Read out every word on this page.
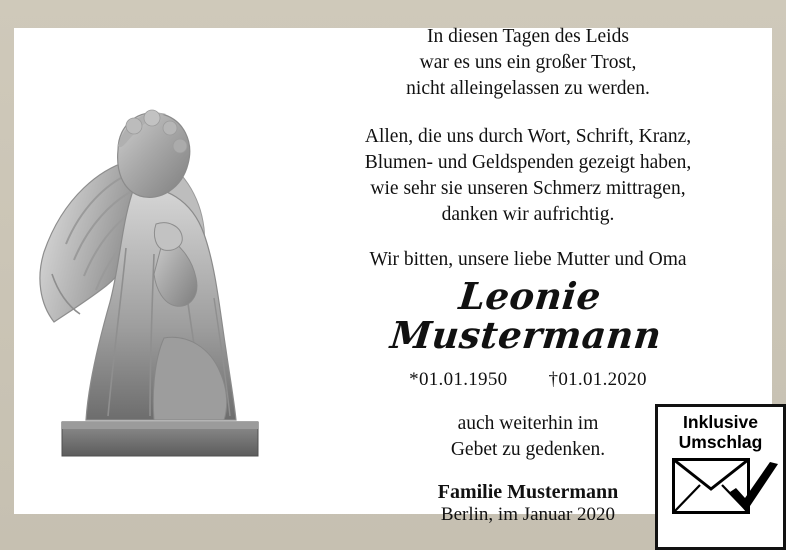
In diesen Tagen des Leids
war es uns ein großer Trost,
nicht alleingelassen zu werden.
Allen, die uns durch Wort, Schrift, Kranz,
Blumen- und Geldspenden gezeigt haben,
wie sehr sie unseren Schmerz mittragen,
danken wir aufrichtig.
Wir bitten, unsere liebe Mutter und Oma
Leonie Mustermann
*01.01.1950 †01.01.2020
auch weiterhin im
Gebet zu gedenken.
Familie Mustermann
Berlin, im Januar 2020
Inklusive
Umschlag
